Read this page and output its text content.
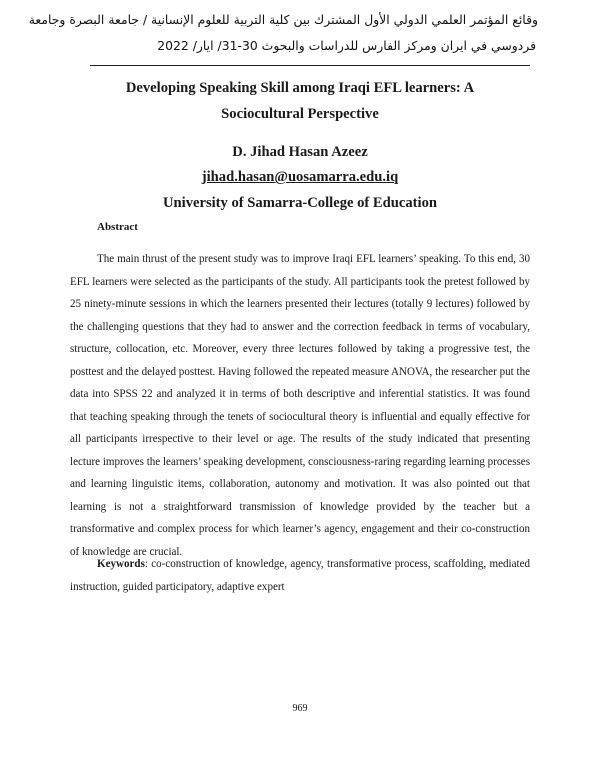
وقائع المؤتمر العلمي الدولي الأول المشترك بين كلية التربية للعلوم الإنسانية / جامعة البصرة وجامعة
فردوسي في ايران ومركز الفارس للدراسات والبحوث 30-31/ ايار/ 2022
Developing Speaking Skill among Iraqi EFL learners: A
Sociocultural Perspective
D. Jihad Hasan Azeez
jihad.hasan@uosamarra.edu.iq
University of Samarra-College of Education
Abstract

The main thrust of the present study was to improve Iraqi EFL learners’ speaking. To this end, 30 EFL learners were selected as the participants of the study. All participants took the pretest followed by 25 ninety-minute sessions in which the learners presented their lectures (totally 9 lectures) followed by the challenging questions that they had to answer and the correction feedback in terms of vocabulary, structure, collocation, etc. Moreover, every three lectures followed by taking a progressive test, the posttest and the delayed posttest. Having followed the repeated measure ANOVA, the researcher put the data into SPSS 22 and analyzed it in terms of both descriptive and inferential statistics. It was found that teaching speaking through the tenets of sociocultural theory is influential and equally effective for all participants irrespective to their level or age. The results of the study indicated that presenting lecture improves the learners’ speaking development, consciousness-raring regarding learning processes and learning linguistic items, collaboration, autonomy and motivation. It was also pointed out that learning is not a straightforward transmission of knowledge provided by the teacher but a transformative and complex process for which learner’s agency, engagement and their co-construction of knowledge are crucial.

Keywords: co-construction of knowledge, agency, transformative process, scaffolding, mediated instruction, guided participatory, adaptive expert

969
